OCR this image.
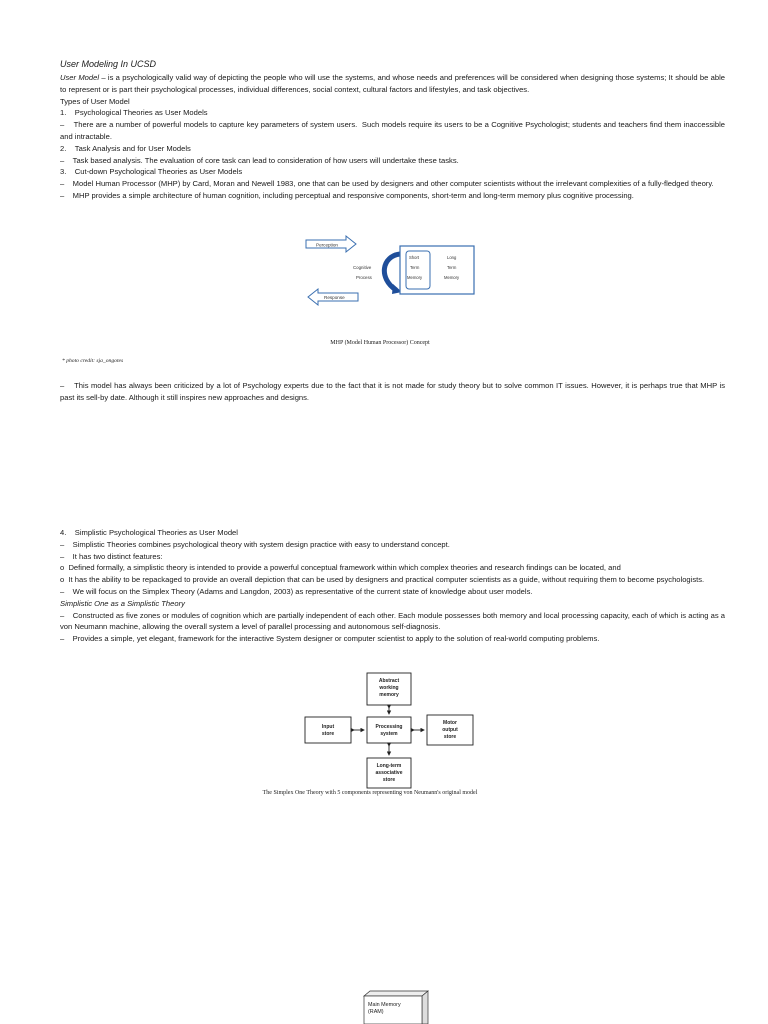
User Modeling In UCSD

User Model – is a psychologically valid way of depicting the people who will use the systems, and whose needs and preferences will be considered when designing those systems; It should be able to represent or is part their psychological processes, individual differences, social context, cultural factors and lifestyles, and task objectives.

Types of User Model

1.    Psychological Theories as User Models

–    There are a number of powerful models to capture key parameters of system users.  Such models require its users to be a Cognitive Psychologist; students and teachers find them inaccessible and intractable.

2.    Task Analysis and for User Models

–    Task based analysis. The evaluation of core task can lead to consideration of how users will undertake these tasks.

3.    Cut-down Psychological Theories as User Models

–    Model Human Processor (MHP) by Card, Moran and Newell 1983, one that can be used by designers and other computer scientists without the irrelevant complexities of a fully-fledged theory.

–    MHP provides a simple architecture of human cognition, including perceptual and responsive components, short-term and long-term memory plus cognitive processing.

Perception
Response
Cognitive
Process
Short
Term
Memory
Long
Term
Memory
MHP (Model Human Processor) Concept
* photo credit: sja_ongotes

–    This model has always been criticized by a lot of Psychology experts due to the fact that it is not made for study theory but to solve common IT issues. However, it is perhaps true that MHP is past its sell-by date. Although it still inspires new approaches and designs.

4.    Simplistic Psychological Theories as User Model

–    Simplistic Theories combines psychological theory with system design practice with easy to understand concept.

–    It has two distinct features:

o  Defined formally, a simplistic theory is intended to provide a powerful conceptual framework within which complex theories and research findings can be located, and

o  It has the ability to be repackaged to provide an overall depiction that can be used by designers and practical computer scientists as a guide, without requiring them to become psychologists.

–    We will focus on the Simplex Theory (Adams and Langdon, 2003) as representative of the current state of knowledge about user models.

Simplistic One as a Simplistic Theory

–    Constructed as five zones or modules of cognition which are partially independent of each other. Each module possesses both memory and local processing capacity, each of which is acting as a von Neumann machine, allowing the overall system a level of parallel processing and autonomous self-diagnosis.

–    Provides a simple, yet elegant, framework for the interactive System designer or computer scientist to apply to the solution of real-world computing problems.

Abstract
working
memory
Input
store
Processing
system
Motor
output
store
Long-term
associative
store
The Simplex One Theory with 5 components representing von Neumann's original model
Main Memory
(RAM)
